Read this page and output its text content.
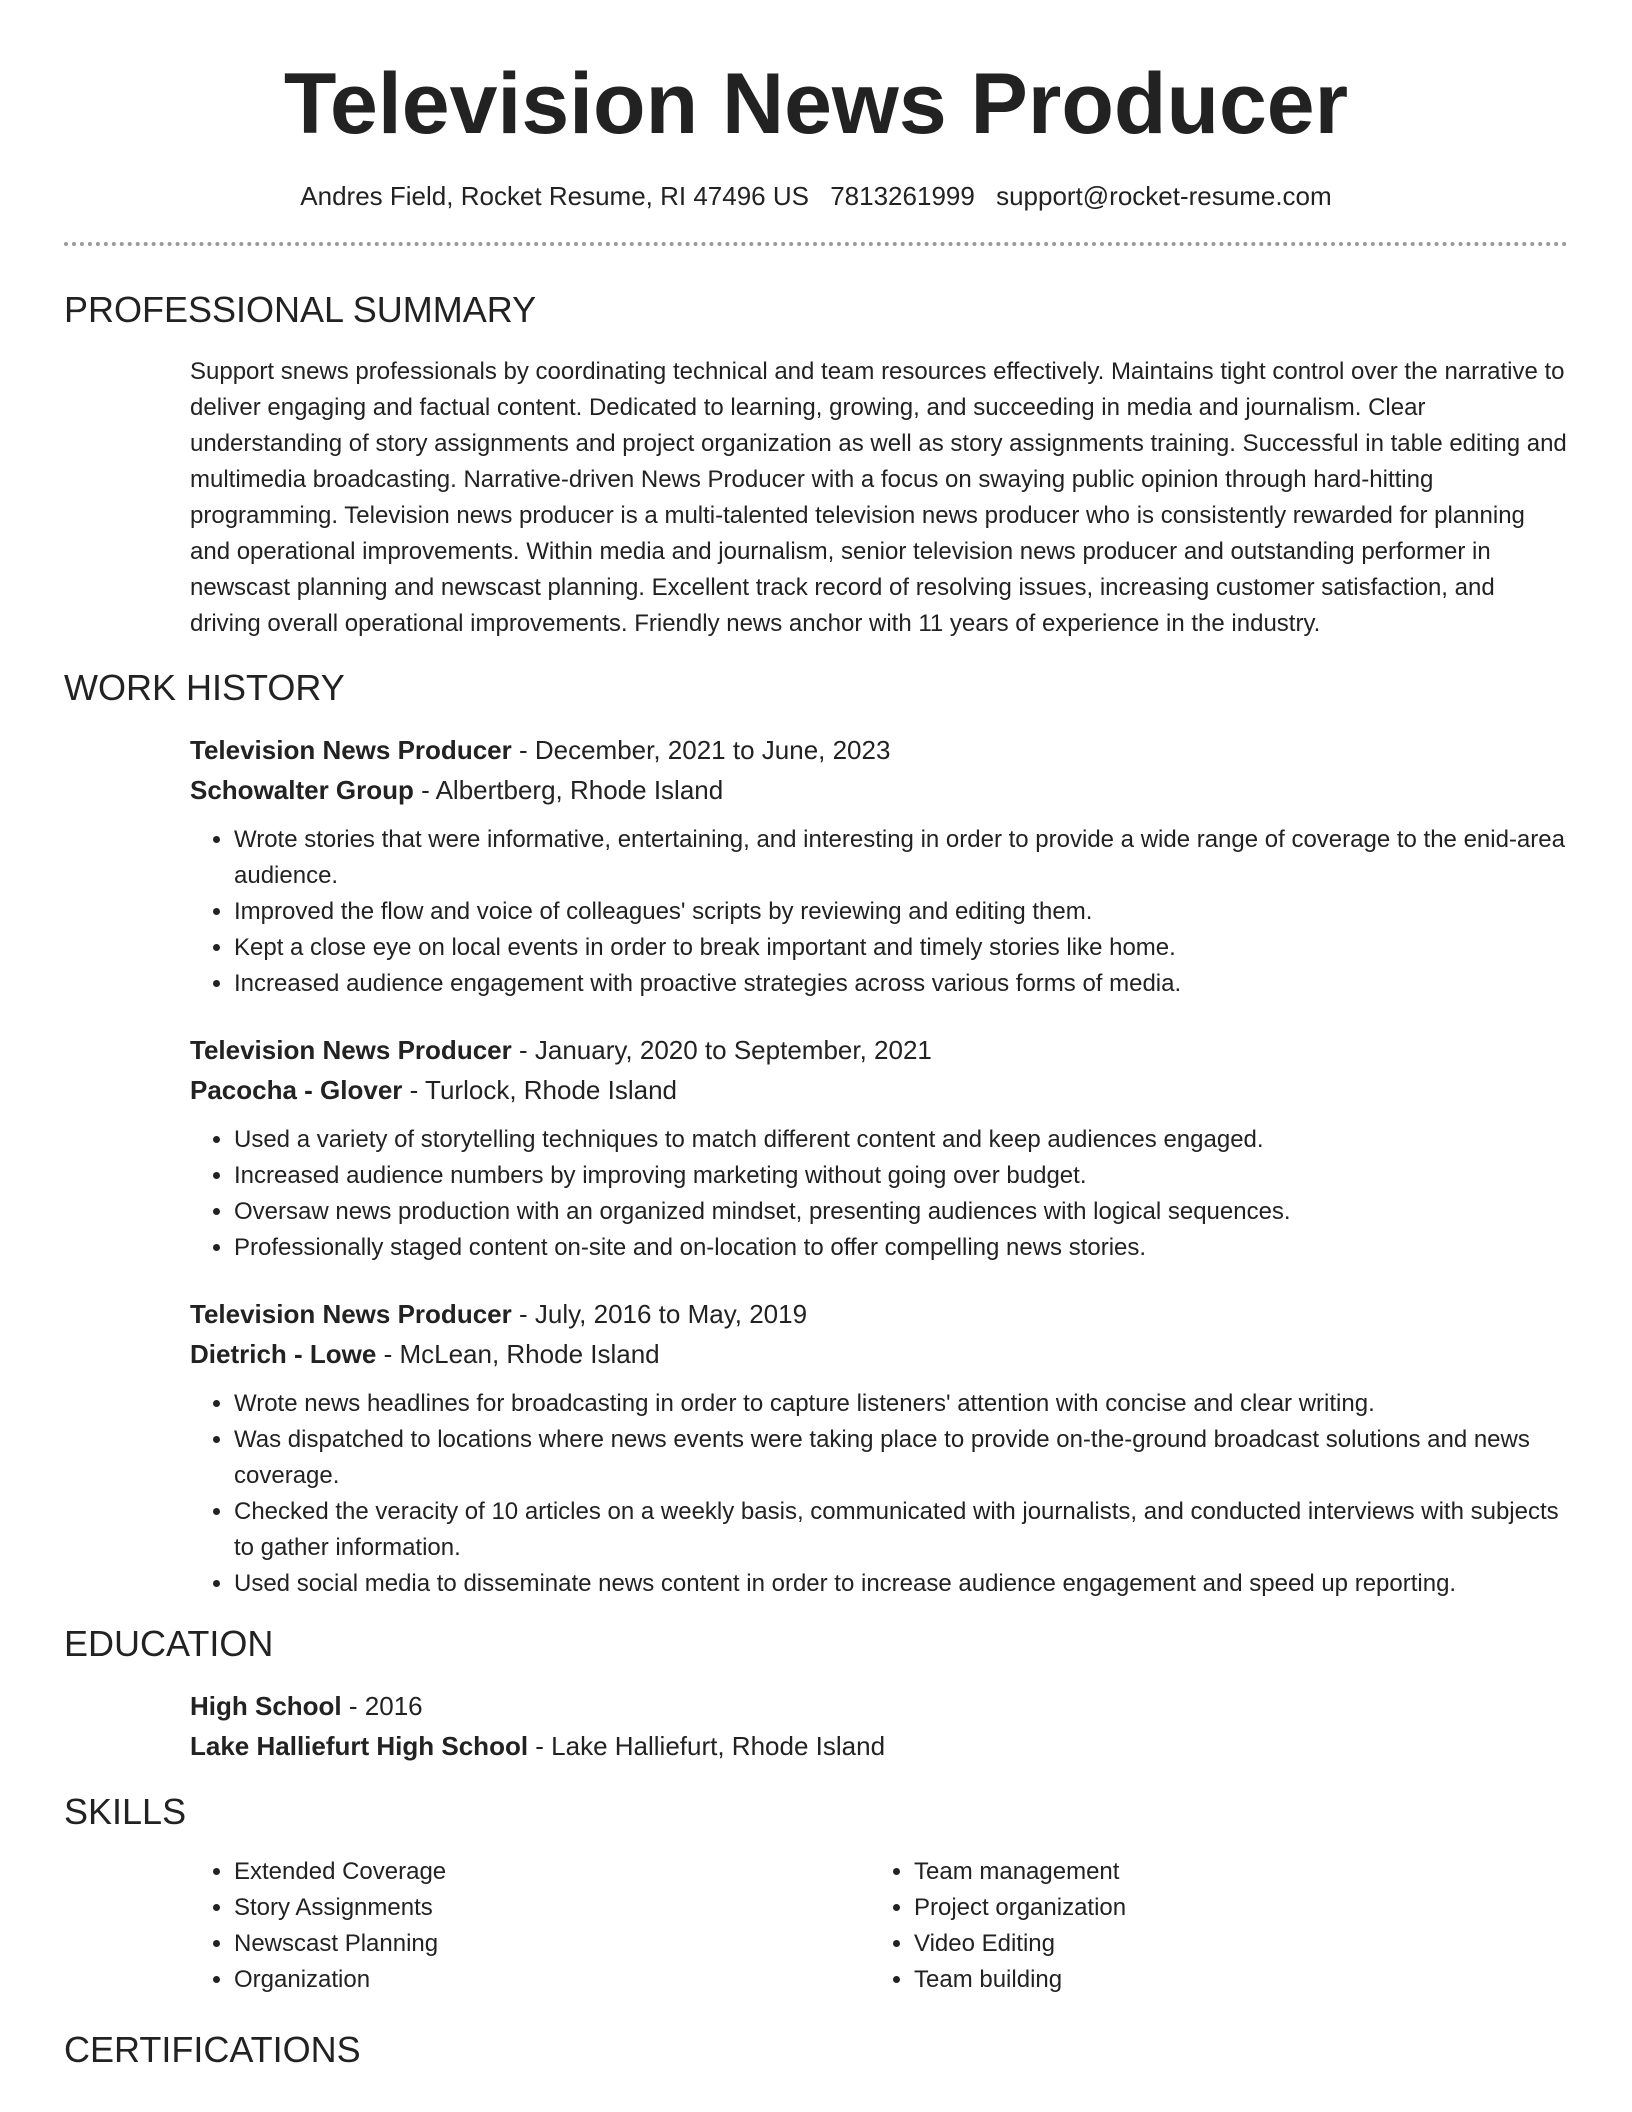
Television News Producer
Andres Field, Rocket Resume, RI 47496 US 7813261999 support@rocket-resume.com
PROFESSIONAL SUMMARY

Support snews professionals by coordinating technical and team resources effectively. Maintains tight control over the narrative to deliver engaging and factual content. Dedicated to learning, growing, and succeeding in media and journalism. Clear understanding of story assignments and project organization as well as story assignments training. Successful in table editing and multimedia broadcasting. Narrative-driven News Producer with a focus on swaying public opinion through hard-hitting programming. Television news producer is a multi-talented television news producer who is consistently rewarded for planning and operational improvements. Within media and journalism, senior television news producer and outstanding performer in newscast planning and newscast planning. Excellent track record of resolving issues, increasing customer satisfaction, and driving overall operational improvements. Friendly news anchor with 11 years of experience in the industry.

WORK HISTORY
Television News Producer - December, 2021 to June, 2023
Schowalter Group - Albertberg, Rhode Island
• Wrote stories that were informative, entertaining, and interesting in order to provide a wide range of coverage to the enid-area audience.
• Improved the flow and voice of colleagues' scripts by reviewing and editing them.
• Kept a close eye on local events in order to break important and timely stories like home.
• Increased audience engagement with proactive strategies across various forms of media.
Television News Producer - January, 2020 to September, 2021
Pacocha - Glover - Turlock, Rhode Island
• Used a variety of storytelling techniques to match different content and keep audiences engaged.
• Increased audience numbers by improving marketing without going over budget.
• Oversaw news production with an organized mindset, presenting audiences with logical sequences.
• Professionally staged content on-site and on-location to offer compelling news stories.
Television News Producer - July, 2016 to May, 2019
Dietrich - Lowe - McLean, Rhode Island
• Wrote news headlines for broadcasting in order to capture listeners' attention with concise and clear writing.
• Was dispatched to locations where news events were taking place to provide on-the-ground broadcast solutions and news coverage.
• Checked the veracity of 10 articles on a weekly basis, communicated with journalists, and conducted interviews with subjects to gather information.
• Used social media to disseminate news content in order to increase audience engagement and speed up reporting.
EDUCATION
High School - 2016
Lake Halliefurt High School - Lake Halliefurt, Rhode Island
SKILLS
• Extended Coverage
• Story Assignments
• Newscast Planning
• Organization
• Team management
• Project organization
• Video Editing
• Team building
CERTIFICATIONS
